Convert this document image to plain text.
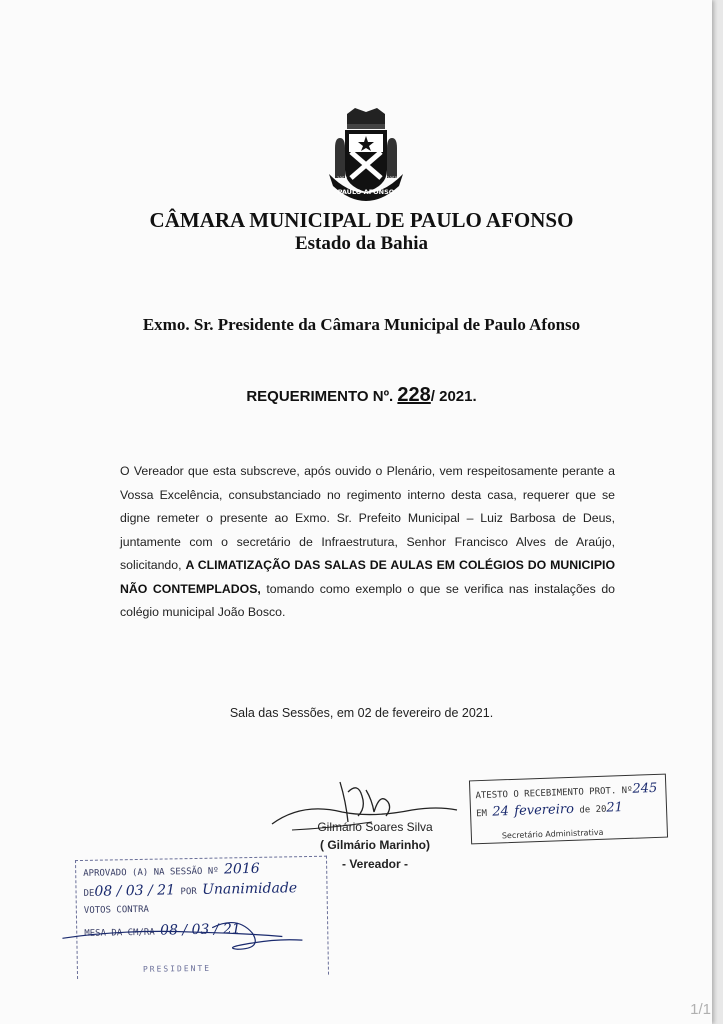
PAULO AFONSO
1958	1958
CÂMARA MUNICIPAL DE PAULO AFONSO
Estado da Bahia
Exmo. Sr. Presidente da Câmara Municipal de Paulo Afonso
REQUERIMENTO Nº. 228/ 2021.
O Vereador que esta subscreve, após ouvido o Plenário, vem respeitosamente perante a Vossa Excelência, consubstanciado no regimento interno desta casa, requerer que se digne remeter o presente ao Exmo. Sr. Prefeito Municipal – Luiz Barbosa de Deus, juntamente com o secretário de Infraestrutura, Senhor Francisco Alves de Araújo, solicitando, A CLIMATIZAÇÃO DAS SALAS DE AULAS EM COLÉGIOS DO MUNICIPIO NÃO CONTEMPLADOS, tomando como exemplo o que se verifica nas instalações do colégio municipal João Bosco.
Sala das Sessões, em 02 de fevereiro de 2021.
Gilmário Soares Silva
( Gilmário Marinho)
- Vereador -
ATESTO O RECEBIMENTO PROT. Nº245
EM 24 fevereiro de 2021
Secretário Administrativa
APROVADO (A) NA SESSÃO Nº 2016
DE08 / 03 / 21 POR Unanimidade
VOTOS CONTRA
MESA DA CM/RA 08 / 03 / 21
PRESIDENTE
1/1
